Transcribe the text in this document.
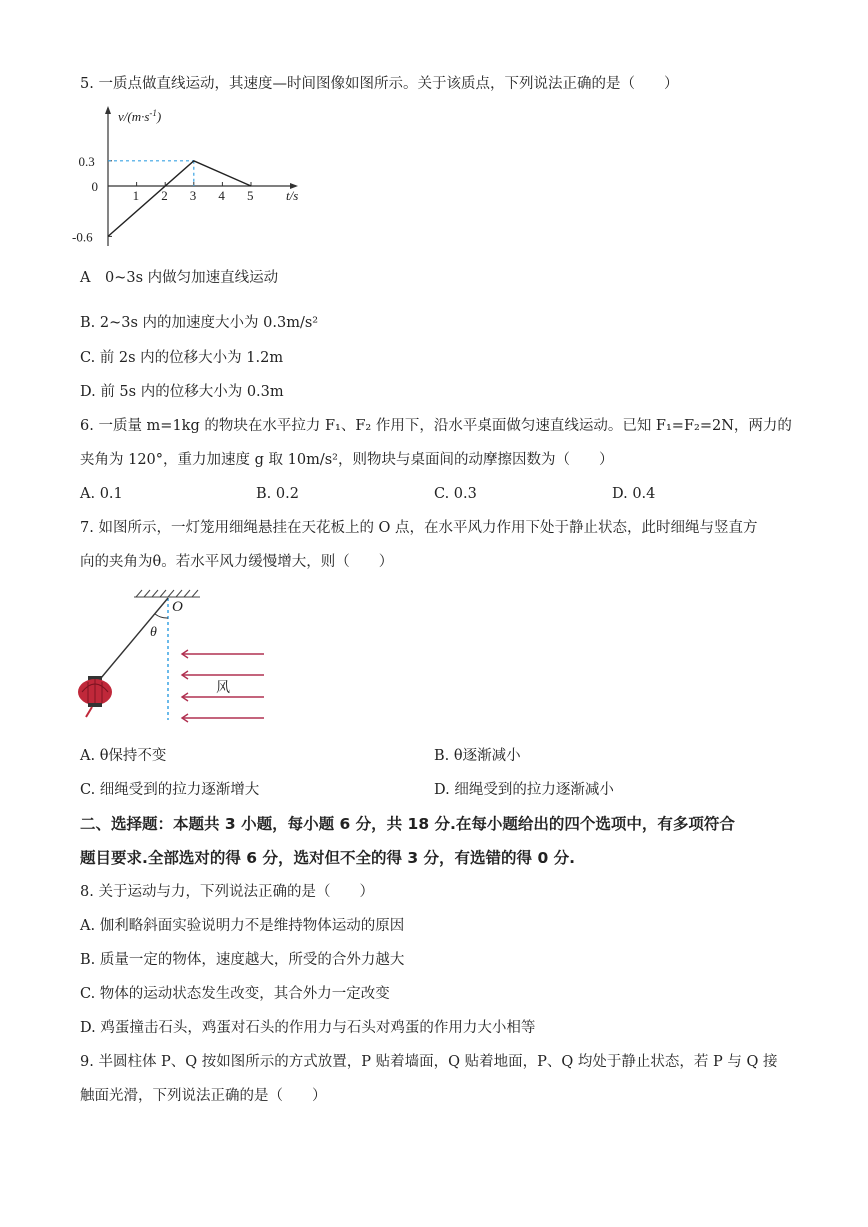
5. 一质点做直线运动，其速度—时间图像如图所示。关于该质点，下列说法正确的是（　　）
1 2 3 4 5
0.3
0
-0.6
$v/(m\cdot s^{-1})$
t/s
A　0~3s 内做匀加速直线运动
B. 2~3s 内的加速度大小为 0.3m/s²
C. 前 2s 内的位移大小为 1.2m
D. 前 5s 内的位移大小为 0.3m
6. 一质量 m=1kg 的物块在水平拉力 F₁、F₂ 作用下，沿水平桌面做匀速直线运动。已知 F₁=F₂=2N，两力的
夹角为 120°，重力加速度 g 取 10m/s²，则物块与桌面间的动摩擦因数为（　　）
A. 0.1	B. 0.2	C. 0.3	D. 0.4
7. 如图所示，一灯笼用细绳悬挂在天花板上的 O 点，在水平风力作用下处于静止状态，此时细绳与竖直方
向的夹角为θ。若水平风力缓慢增大，则（　　）
O
θ
风
A. θ保持不变	B. θ逐渐减小
C. 细绳受到的拉力逐渐增大	D. 细绳受到的拉力逐渐减小
二、选择题：本题共 3 小题，每小题 6 分，共 18 分.在每小题给出的四个选项中，有多项符合
题目要求.全部选对的得 6 分，选对但不全的得 3 分，有选错的得 0 分.
8. 关于运动与力，下列说法正确的是（　　）
A. 伽利略斜面实验说明力不是维持物体运动的原因
B. 质量一定的物体，速度越大，所受的合外力越大
C. 物体的运动状态发生改变，其合外力一定改变
D. 鸡蛋撞击石头，鸡蛋对石头的作用力与石头对鸡蛋的作用力大小相等
9. 半圆柱体 P、Q 按如图所示的方式放置，P 贴着墙面，Q 贴着地面，P、Q 均处于静止状态，若 P 与 Q 接
触面光滑，下列说法正确的是（　　）
